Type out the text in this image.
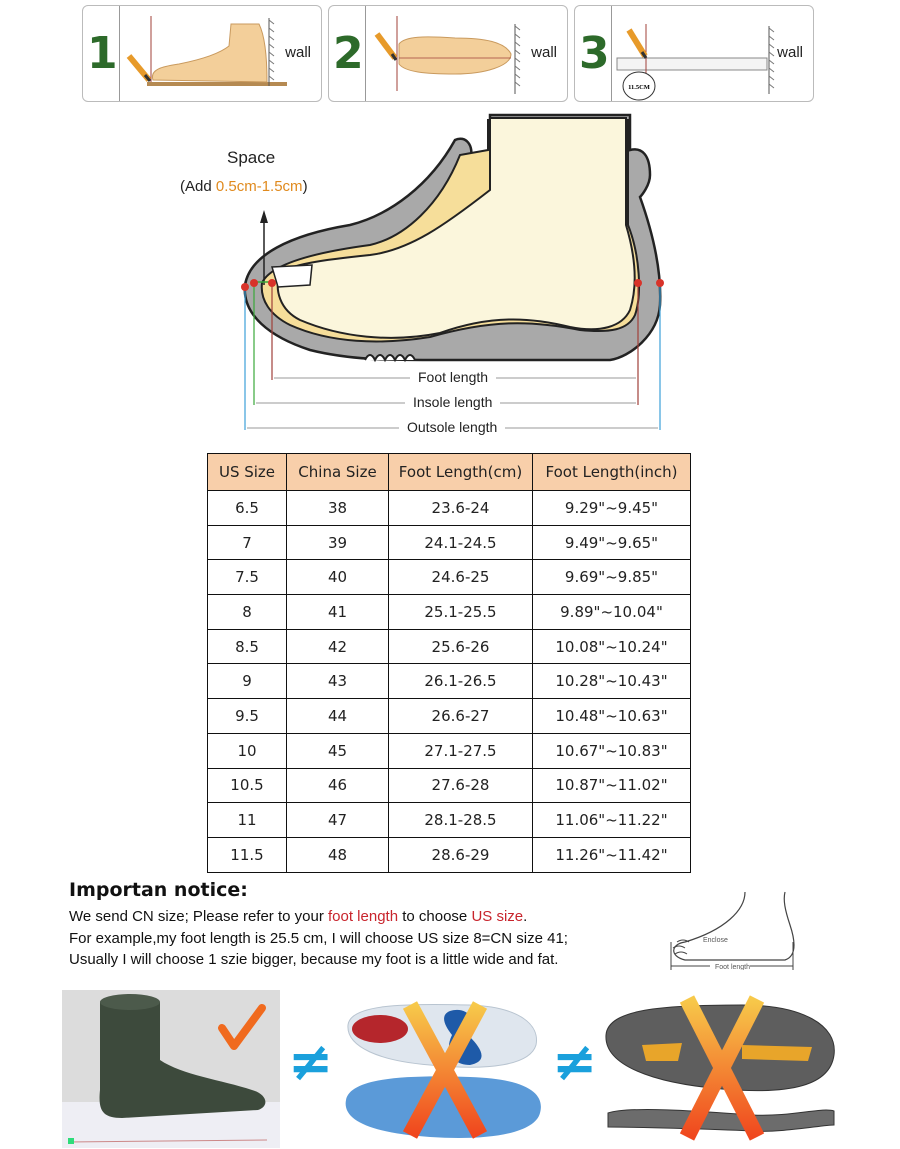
1	wall 2	wall 3
11.5CM
wall
Space
(Add 0.5cm-1.5cm)
Foot length
Insole length
Outsole length
US Size	China Size	Foot Length(cm)	Foot Length(inch)
6.5	38	23.6-24	9.29"~9.45"
7	39	24.1-24.5	9.49"~9.65"
7.5	40	24.6-25	9.69"~9.85"
8	41	25.1-25.5	9.89"~10.04"
8.5	42	25.6-26	10.08"~10.24"
9	43	26.1-26.5	10.28"~10.43"
9.5	44	26.6-27	10.48"~10.63"
10	45	27.1-27.5	10.67"~10.83"
10.5	46	27.6-28	10.87"~11.02"
11	47	28.1-28.5	11.06"~11.22"
11.5	48	28.6-29	11.26"~11.42"
Importan notice:
We send CN size; Please refer to your foot length to choose US size.
For example,my foot length is 25.5 cm, I will choose US size 8=CN size 41;
Usually I will choose 1 szie bigger, because my foot is a little wide and fat.
Enclose
Foot length
≠	≠
